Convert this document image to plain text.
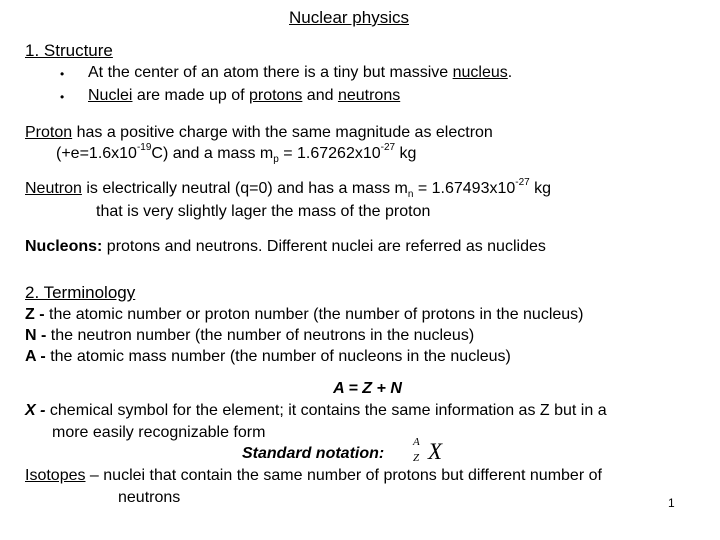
Nuclear physics
1. Structure
• At the center of an atom there is a tiny but massive nucleus.
• Nuclei are made up of protons and neutrons
Proton has a positive charge with the same magnitude as electron
$(+e=1.6x10^{-19}C)$ and a mass $m_p = 1.67262x10^{-27}$ kg
Neutron is electrically neutral (q=0) and has a mass $m_n = 1.67493x10^{-27}$ kg
that is very slightly lager the mass of the proton
Nucleons: protons and neutrons. Different nuclei are referred as nuclides
2. Terminology
Z - the atomic number or proton number (the number of protons in the nucleus)
N - the neutron number (the number of neutrons in the nucleus)
A - the atomic mass number (the number of nucleons in the nucleus)
A = Z + N
X - chemical symbol for the element; it contains the same information as Z but in a
more easily recognizable form
Standard notation:
A
Z X
Isotopes – nuclei that contain the same number of protons but different number of
neutrons	1
